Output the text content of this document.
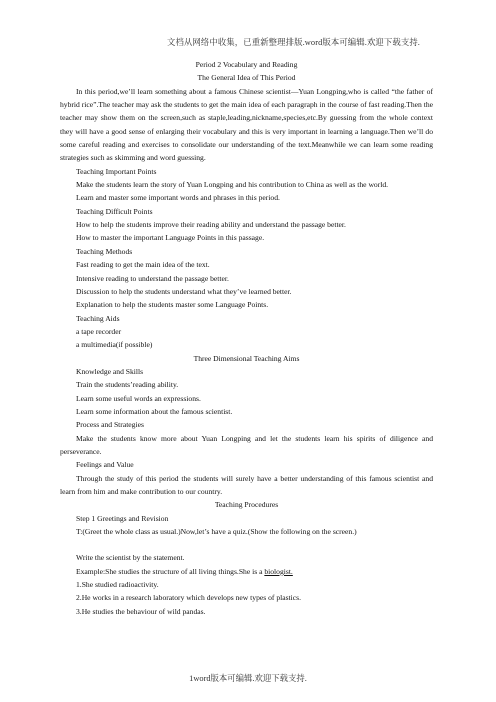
文档从网络中收集，已重新整理排版.word版本可编辑.欢迎下载支持.

Period 2 Vocabulary and Reading

The General Idea of This Period

In this period,we’ll learn something about a famous Chinese scientist—Yuan Longping,who is called “the father of hybrid rice”.The teacher may ask the students to get the main idea of each paragraph in the course of fast reading.Then the teacher may show them on the screen,such as staple,leading,nickname,species,etc.By guessing from the whole context they will have a good sense of enlarging their vocabulary and this is very important in learning a language.Then we’ll do some careful reading and exercises to consolidate our understanding of the text.Meanwhile we can learn some reading strategies such as skimming and word guessing.

Teaching Important Points

Make the students learn the story of Yuan Longping and his contribution to China as well as the world.

Learn and master some important words and phrases in this period.

Teaching Difficult Points

How to help the students improve their reading ability and understand the passage better.

How to master the important Language Points in this passage.

Teaching Methods

Fast reading to get the main idea of the text.

Intensive reading to understand the passage better.

Discussion to help the students understand what they’ve learned better.

Explanation to help the students master some Language Points.

Teaching Aids

a tape recorder

a multimedia(if possible)

Three Dimensional Teaching Aims

Knowledge and Skills

Train the students’reading ability.

Learn some useful words an expressions.

Learn some information about the famous scientist.

Process and Strategies

Make the students know more about Yuan Longping and let the students learn his spirits of diligence and perseverance.

Feelings and Value

Through the study of this period the students will surely have a better understanding of this famous scientist and learn from him and make contribution to our country.

Teaching Procedures

Step 1 Greetings and Revision

T:(Greet the whole class as usual.)Now,let’s have a quiz.(Show the following on the screen.)

Write the scientist by the statement.

Example:She studies the structure of all living things.She is a biologist.

1.She studied radioactivity.

2.He works in a research laboratory which develops new types of plastics.

3.He studies the behaviour of wild pandas.

1word版本可编辑.欢迎下载支持.
